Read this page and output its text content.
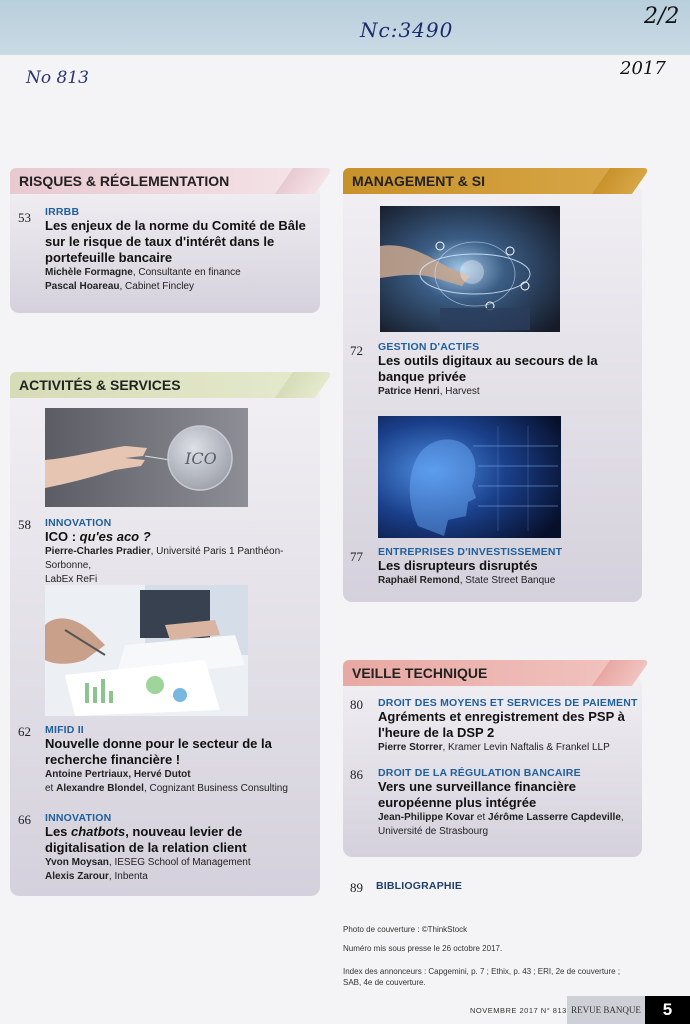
Nc:3490
2/2
No 813	2017
RISQUES & RÉGLEMENTATION	MANAGEMENT & SI
ACTIVITÉS & SERVICES
VEILLE TECHNIQUE
53 IRRBB
Les enjeux de la norme du Comité de Bâle sur le risque de taux d'intérêt dans le portefeuille bancaire
Michèle Formagne, Consultante en finance
Pascal Hoareau, Cabinet Fincley
72 GESTION D'ACTIFS
Les outils digitaux au secours de la banque privée
Patrice Henri, Harvest
77 ENTREPRISES D'INVESTISSEMENT
Les disrupteurs disruptés
Raphaël Remond, State Street Banque
ICO
58 INNOVATION
ICO : qu'es aco ?
Pierre-Charles Pradier, Université Paris 1 Panthéon-Sorbonne,
LabEx ReFi
62 MIFID II
Nouvelle donne pour le secteur de la recherche financière !
Antoine Pertriaux, Hervé Dutot
et Alexandre Blondel, Cognizant Business Consulting
66 INNOVATION
Les chatbots, nouveau levier de digitalisation de la relation client
Yvon Moysan, IESEG School of Management
Alexis Zarour, Inbenta
80 DROIT DES MOYENS ET SERVICES DE PAIEMENT
Agréments et enregistrement des PSP à l'heure de la DSP 2
Pierre Storrer, Kramer Levin Naftalis & Frankel LLP
86 DROIT DE LA RÉGULATION BANCAIRE
Vers une surveillance financière européenne plus intégrée
Jean-Philippe Kovar et Jérôme Lasserre Capdeville,
Université de Strasbourg
89 BIBLIOGRAPHIE
Photo de couverture : ©ThinkStock
Numéro mis sous presse le 26 octobre 2017.
Index des annonceurs : Capgemini, p. 7 ; Ethix, p. 43 ; ERI, 2e de couverture ;
SAB, 4e de couverture.
NOVEMBRE 2017 N° 813 REVUE BANQUE	5
